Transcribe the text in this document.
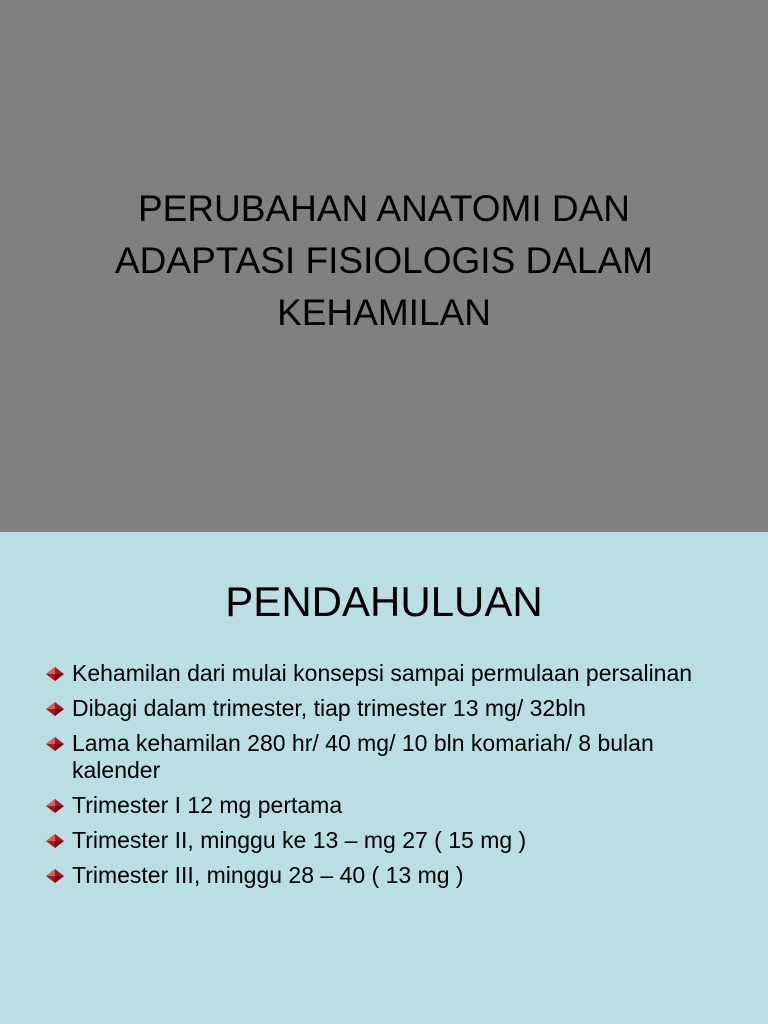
PERUBAHAN ANATOMI DAN
ADAPTASI FISIOLOGIS DALAM
KEHAMILAN
PENDAHULUAN
Kehamilan dari mulai konsepsi sampai permulaan persalinan
Dibagi dalam trimester, tiap trimester 13 mg/ 32bln
Lama kehamilan 280 hr/ 40 mg/ 10 bln komariah/ 8 bulan kalender
Trimester I 12 mg pertama
Trimester II, minggu ke 13 – mg 27 ( 15 mg )
Trimester III, minggu 28 – 40 ( 13 mg )
